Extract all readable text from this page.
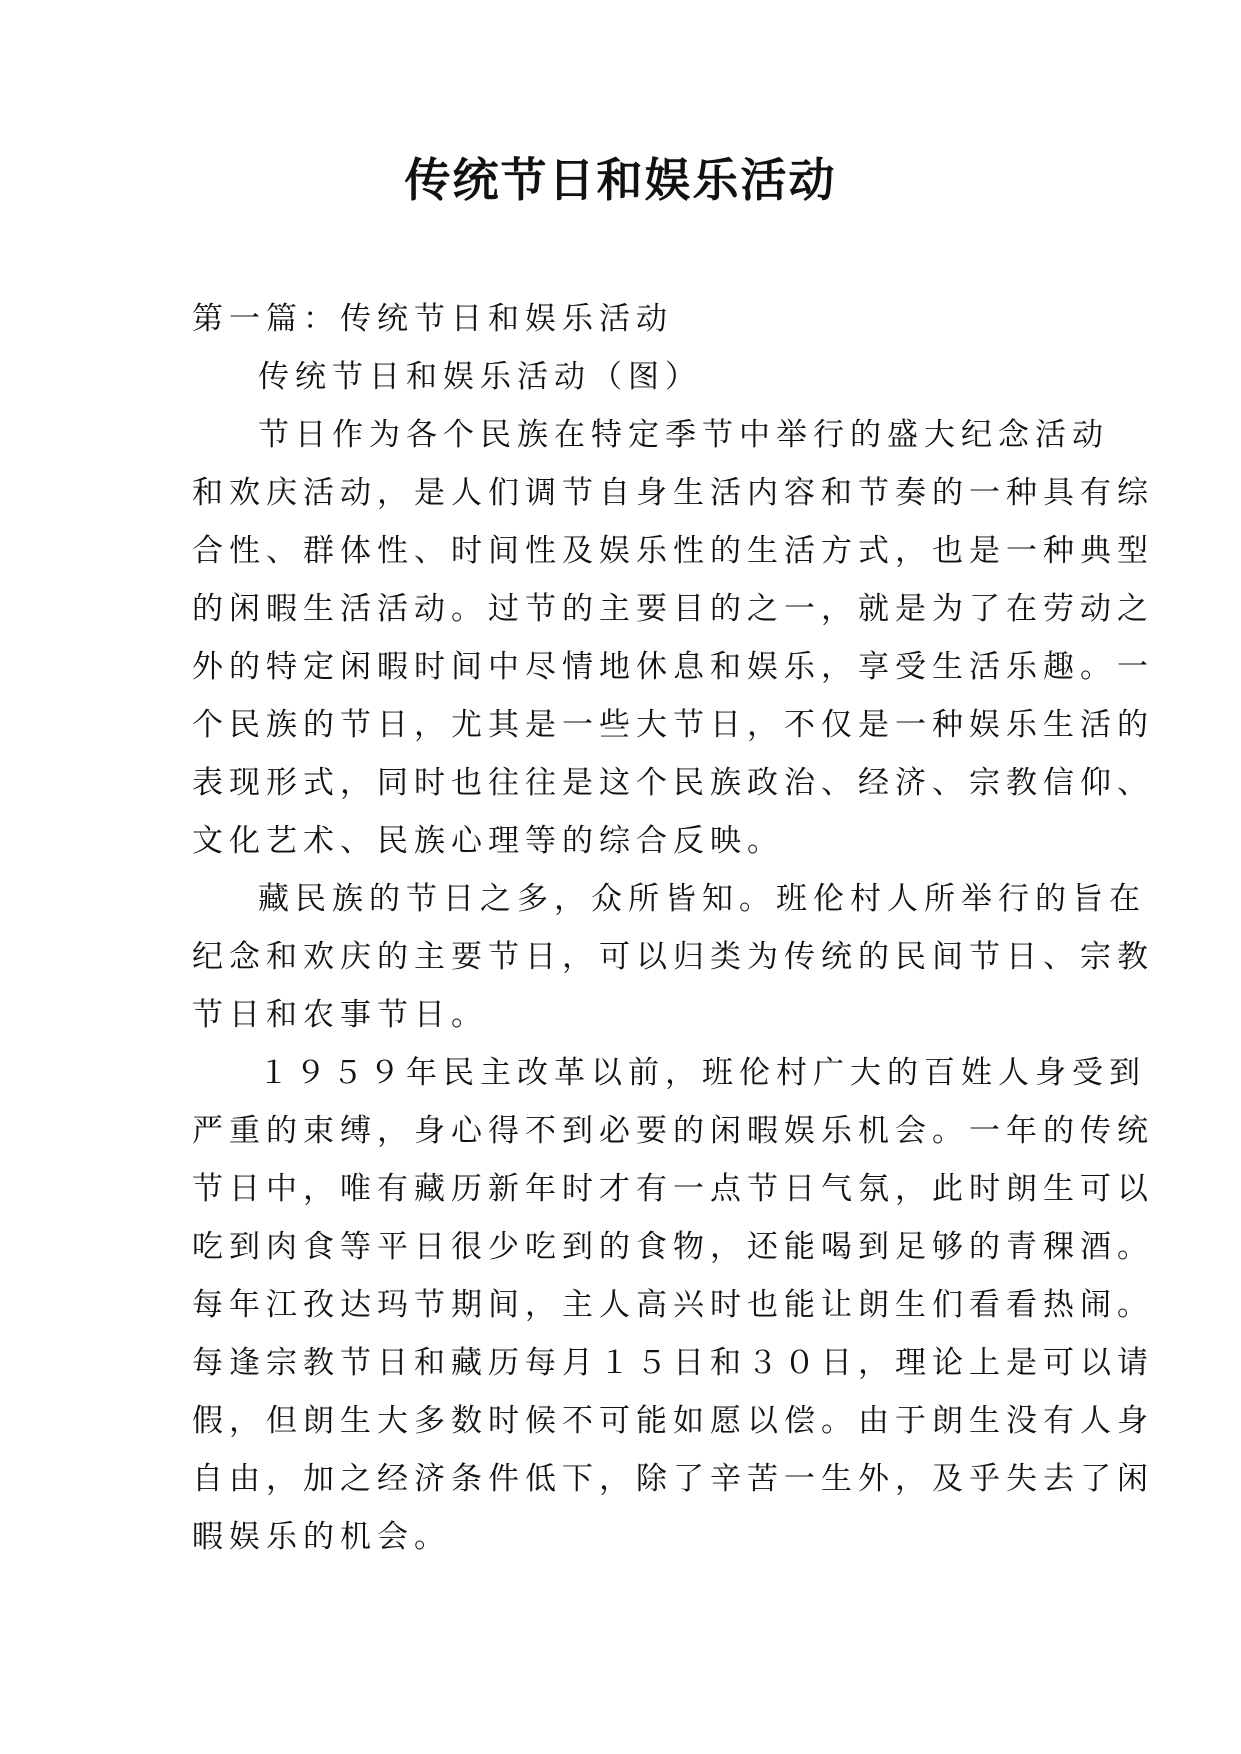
传统节日和娱乐活动

第一篇：传统节日和娱乐活动

传统节日和娱乐活动（图）

节日作为各个民族在特定季节中举行的盛大纪念活动

和欢庆活动，是人们调节自身生活内容和节奏的一种具有综

合性、群体性、时间性及娱乐性的生活方式，也是一种典型

的闲暇生活活动。过节的主要目的之一，就是为了在劳动之

外的特定闲暇时间中尽情地休息和娱乐，享受生活乐趣。一

个民族的节日，尤其是一些大节日，不仅是一种娱乐生活的

表现形式，同时也往往是这个民族政治、经济、宗教信仰、

文化艺术、民族心理等的综合反映。

藏民族的节日之多，众所皆知。班伦村人所举行的旨在

纪念和欢庆的主要节日，可以归类为传统的民间节日、宗教

节日和农事节日。

１９５９年民主改革以前，班伦村广大的百姓人身受到

严重的束缚，身心得不到必要的闲暇娱乐机会。一年的传统

节日中，唯有藏历新年时才有一点节日气氛，此时朗生可以

吃到肉食等平日很少吃到的食物，还能喝到足够的青稞酒。

每年江孜达玛节期间，主人高兴时也能让朗生们看看热闹。

每逢宗教节日和藏历每月１５日和３０日，理论上是可以请

假，但朗生大多数时候不可能如愿以偿。由于朗生没有人身

自由，加之经济条件低下，除了辛苦一生外，及乎失去了闲

暇娱乐的机会。
